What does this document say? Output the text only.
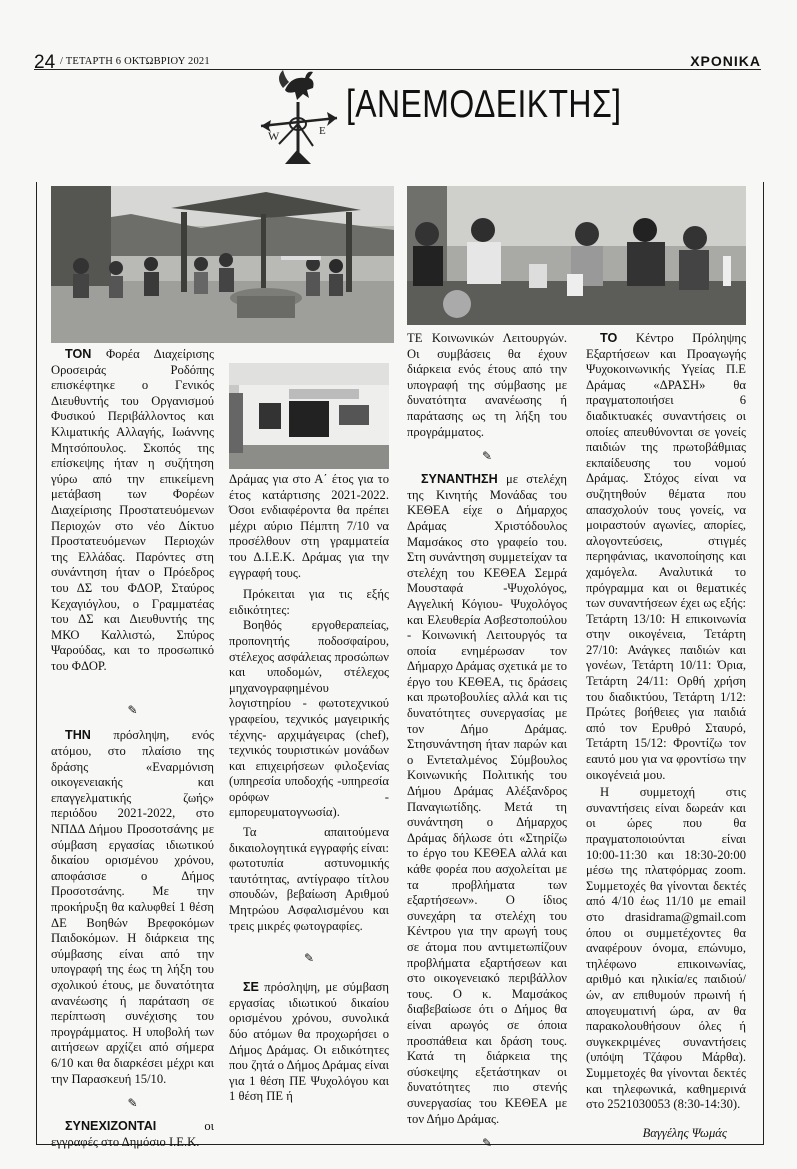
24 / ΤΕΤΑΡΤΗ 6 ΟΚΤΩΒΡΙΟΥ 2021	ΧΡΟΝΙΚΑ
W	E
[ΑΝΕΜΟΔΕΙΚΤΗΣ]

ΤΟΝ Φορέα Διαχείρισης Οροσειράς Ροδόπης επισκέφτηκε ο Γενικός Διευθυντής του Οργανισμού Φυσικού Περιβάλλοντος και Κλιματικής Αλλαγής, Ιωάννης Μητσόπουλος. Σκοπός της επίσκεψης ήταν η συζήτηση γύρω από την επικείμενη μετάβαση των Φορέων Διαχείρισης Προστατευόμενων Περιοχών στο νέο Δίκτυο Προστατευόμενων Περιοχών της Ελλάδας. Παρόντες στη συνάντηση ήταν ο Πρόεδρος του ΔΣ του ΦΔΟΡ, Σταύρος Κεχαγιόγλου, ο Γραμματέας του ΔΣ και Διευθυντής της ΜΚΟ Καλλιστώ, Σπύρος Ψαρούδας, και το προσωπικό του ΦΔΟΡ.

✎

ΤΗΝ πρόσληψη, ενός ατόμου, στο πλαίσιο της δράσης «Εναρμόνιση οικογενειακής και επαγγελματικής ζωής» περιόδου 2021-2022, στο ΝΠΔΔ Δήμου Προσοτσάνης με σύμβαση εργασίας ιδιωτικού δικαίου ορισμένου χρόνου, αποφάσισε ο Δήμος Προσοτσάνης. Με την προκήρυξη θα καλυφθεί 1 θέση ΔΕ Βοηθών Βρεφοκόμων Παιδοκόμων. Η διάρκεια της σύμβασης είναι από την υπογραφή της έως τη λήξη του σχολικού έτους, με δυνατότητα ανανέωσης ή παράταση σε περίπτωση συνέχισης του προγράμματος. Η υποβολή των αιτήσεων αρχίζει από σήμερα 6/10 και θα διαρκέσει μέχρι και την Παρασκευή 15/10.

✎

ΣΥΝΕΧΙΖΟΝΤΑΙ	οι εγγραφές στο Δημόσιο Ι.Ε.Κ.

Δράμας για στο Α΄ έτος για το έτος κατάρτισης 2021-2022. Όσοι ενδιαφέροντα θα πρέπει μέχρι αύριο Πέμπτη 7/10 να προσέλθουν στη γραμματεία του Δ.Ι.Ε.Κ. Δράμας για την εγγραφή τους.

Πρόκειται για τις εξής ειδικότητες:

Βοηθός εργοθεραπείας, προπονητής ποδοσφαίρου, στέλεχος ασφάλειας προσώπων και υποδομών, στέλεχος μηχανογραφημένου λογιστηρίου - φωτοτεχνικού γραφείου, τεχνικός μαγειρικής τέχνης- αρχιμάγειρας (chef), τεχνικός τουριστικών μονάδων και επιχειρήσεων φιλοξενίας (υπηρεσία υποδοχής -υπηρεσία ορόφων - εμπορευματογνωσία).

Τα απαιτούμενα δικαιολογητικά εγγραφής είναι: φωτοτυπία αστυνομικής ταυτότητας, αντίγραφο τίτλου σπουδών, βεβαίωση Αριθμού Μητρώου Ασφαλισμένου και τρεις μικρές φωτογραφίες.

✎

ΣΕ πρόσληψη, με σύμβαση εργασίας ιδιωτικού δικαίου ορισμένου χρόνου, συνολικά δύο ατόμων θα προχωρήσει ο Δήμος Δράμας. Οι ειδικότητες που ζητά ο Δήμος Δράμας είναι για 1 θέση ΠΕ Ψυχολόγου και 1 θέση ΠΕ ή

ΤΕ Κοινωνικών Λειτουργών. Οι συμβάσεις θα έχουν διάρκεια ενός έτους από την υπογραφή της σύμβασης με δυνατότητα ανανέωσης ή παράτασης ως τη λήξη του προγράμματος.

✎

ΣΥΝΑΝΤΗΣΗ με στελέχη της Κινητής Μονάδας του ΚΕΘΕΑ είχε ο Δήμαρχος Δράμας Χριστόδουλος Μαμσάκος στο γραφείο του. Στη συνάντηση συμμετείχαν τα στελέχη του ΚΕΘΕΑ Σεμρά Μουσταφά -Ψυχολόγος, Αγγελική Κόγιου- Ψυχολόγος και Ελευθερία Ασβεστοπούλου - Κοινωνική Λειτουργός τα οποία ενημέρωσαν τον Δήμαρχο Δράμας σχετικά με το έργο του ΚΕΘΕΑ, τις δράσεις και πρωτοβουλίες αλλά και τις δυνατότητες συνεργασίας με τον Δήμο Δράμας. Στησυνάντηση ήταν παρών και ο Εντεταλμένος Σύμβουλος Κοινωνικής Πολιτικής του Δήμου Δράμας Αλέξανδρος Παναγιωτίδης. Μετά τη συνάντηση ο Δήμαρχος Δράμας δήλωσε ότι «Στηρίζω το έργο του ΚΕΘΕΑ αλλά και κάθε φορέα που ασχολείται με τα προβλήματα των εξαρτήσεων». Ο ίδιος συνεχάρη τα στελέχη του Κέντρου για την αρωγή τους σε άτομα που αντιμετωπίζουν προβλήματα εξαρτήσεων και στο οικογενειακό περιβάλλον τους. Ο κ. Μαμσάκος διαβεβαίωσε ότι ο Δήμος θα είναι αρωγός σε όποια προσπάθεια και δράση τους. Κατά τη διάρκεια της σύσκεψης εξετάστηκαν οι δυνατότητες πιο στενής συνεργασίας του ΚΕΘΕΑ με τον Δήμο Δράμας.

✎

ΤΟ Κέντρο Πρόληψης Εξαρτήσεων και Προαγωγής Ψυχοκοινωνικής Υγείας Π.Ε Δράμας «ΔΡΑΣΗ» θα πραγματοποιήσει 6 διαδικτυακές συναντήσεις οι οποίες απευθύνονται σε γονείς παιδιών της πρωτοβάθμιας εκπαίδευσης του νομού Δράμας. Στόχος είναι να συζητηθούν θέματα που απασχολούν τους γονείς, να μοιραστούν αγωνίες, απορίες, αλογοντεύσεις, στιγμές περηφάνιας, ικανοποίησης και χαμόγελα. Αναλυτικά το πρόγραμμα και οι θεματικές των συναντήσεων έχει ως εξής: Τετάρτη 13/10: Η επικοινωνία στην οικογένεια, Τετάρτη 27/10: Ανάγκες παιδιών και γονέων, Τετάρτη 10/11: Όρια, Τετάρτη 24/11: Ορθή χρήση του διαδικτύου, Τετάρτη 1/12: Πρώτες βοήθειες για παιδιά από τον Ερυθρό Σταυρό, Τετάρτη 15/12: Φροντίζω τον εαυτό μου για να φροντίσω την οικογένειά μου.

Η συμμετοχή στις συναντήσεις είναι δωρεάν και οι ώρες που θα πραγματοποιούνται είναι 10:00-11:30 και 18:30-20:00 μέσω της πλατφόρμας zoom. Συμμετοχές θα γίνονται δεκτές από 4/10 έως 11/10 με email στο drasidrama@gmail.com όπου οι συμμετέχοντες θα αναφέρουν όνομα, επώνυμο, τηλέφωνο επικοινωνίας, αριθμό και ηλικία/ες παιδιού/ών, αν επιθυμούν πρωινή ή απογευματινή ώρα, αν θα παρακολουθήσουν όλες ή συγκεκριμένες συναντήσεις (υπόψη Τζάφου Μάρθα). Συμμετοχές θα γίνονται δεκτές και τηλεφωνικά, καθημερινά στο 2521030053 (8:30-14:30).

Βαγγέλης Ψωμάς
